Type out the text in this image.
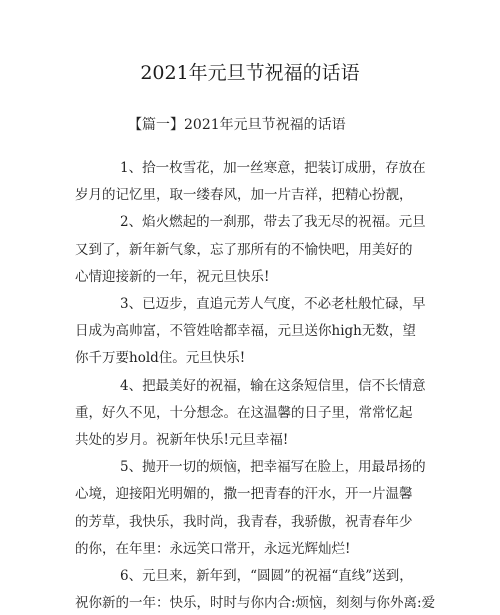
2021年元旦节祝福的话语
【篇一】2021年元旦节祝福的话语
1、拾一枚雪花，加一丝寒意，把装订成册，存放在
岁月的记忆里，取一缕春风，加一片吉祥，把精心扮靓，
2、焰火燃起的一刹那，带去了我无尽的祝福。元旦
又到了，新年新气象，忘了那所有的不愉快吧，用美好的
心情迎接新的一年，祝元旦快乐!
3、已迈步，直追元芳人气度，不必老杜般忙碌，早
日成为高帅富，不管姓啥都幸福，元旦送你high无数，望
你千万要hold住。元旦快乐!
4、把最美好的祝福，输在这条短信里，信不长情意
重，好久不见，十分想念。在这温馨的日子里，常常忆起
共处的岁月。祝新年快乐!元旦幸福!
5、抛开一切的烦恼，把幸福写在脸上，用最昂扬的
心境，迎接阳光明媚的，撒一把青春的汗水，开一片温馨
的芳草，我快乐，我时尚，我青春，我骄傲，祝青春年少
的你，在年里：永远笑口常开，永远光辉灿烂!
6、元旦来，新年到，“圆圆”的祝福“直线”送到，
祝你新的一年：快乐，时时与你内合:烦恼，刻刻与你外离:爱
